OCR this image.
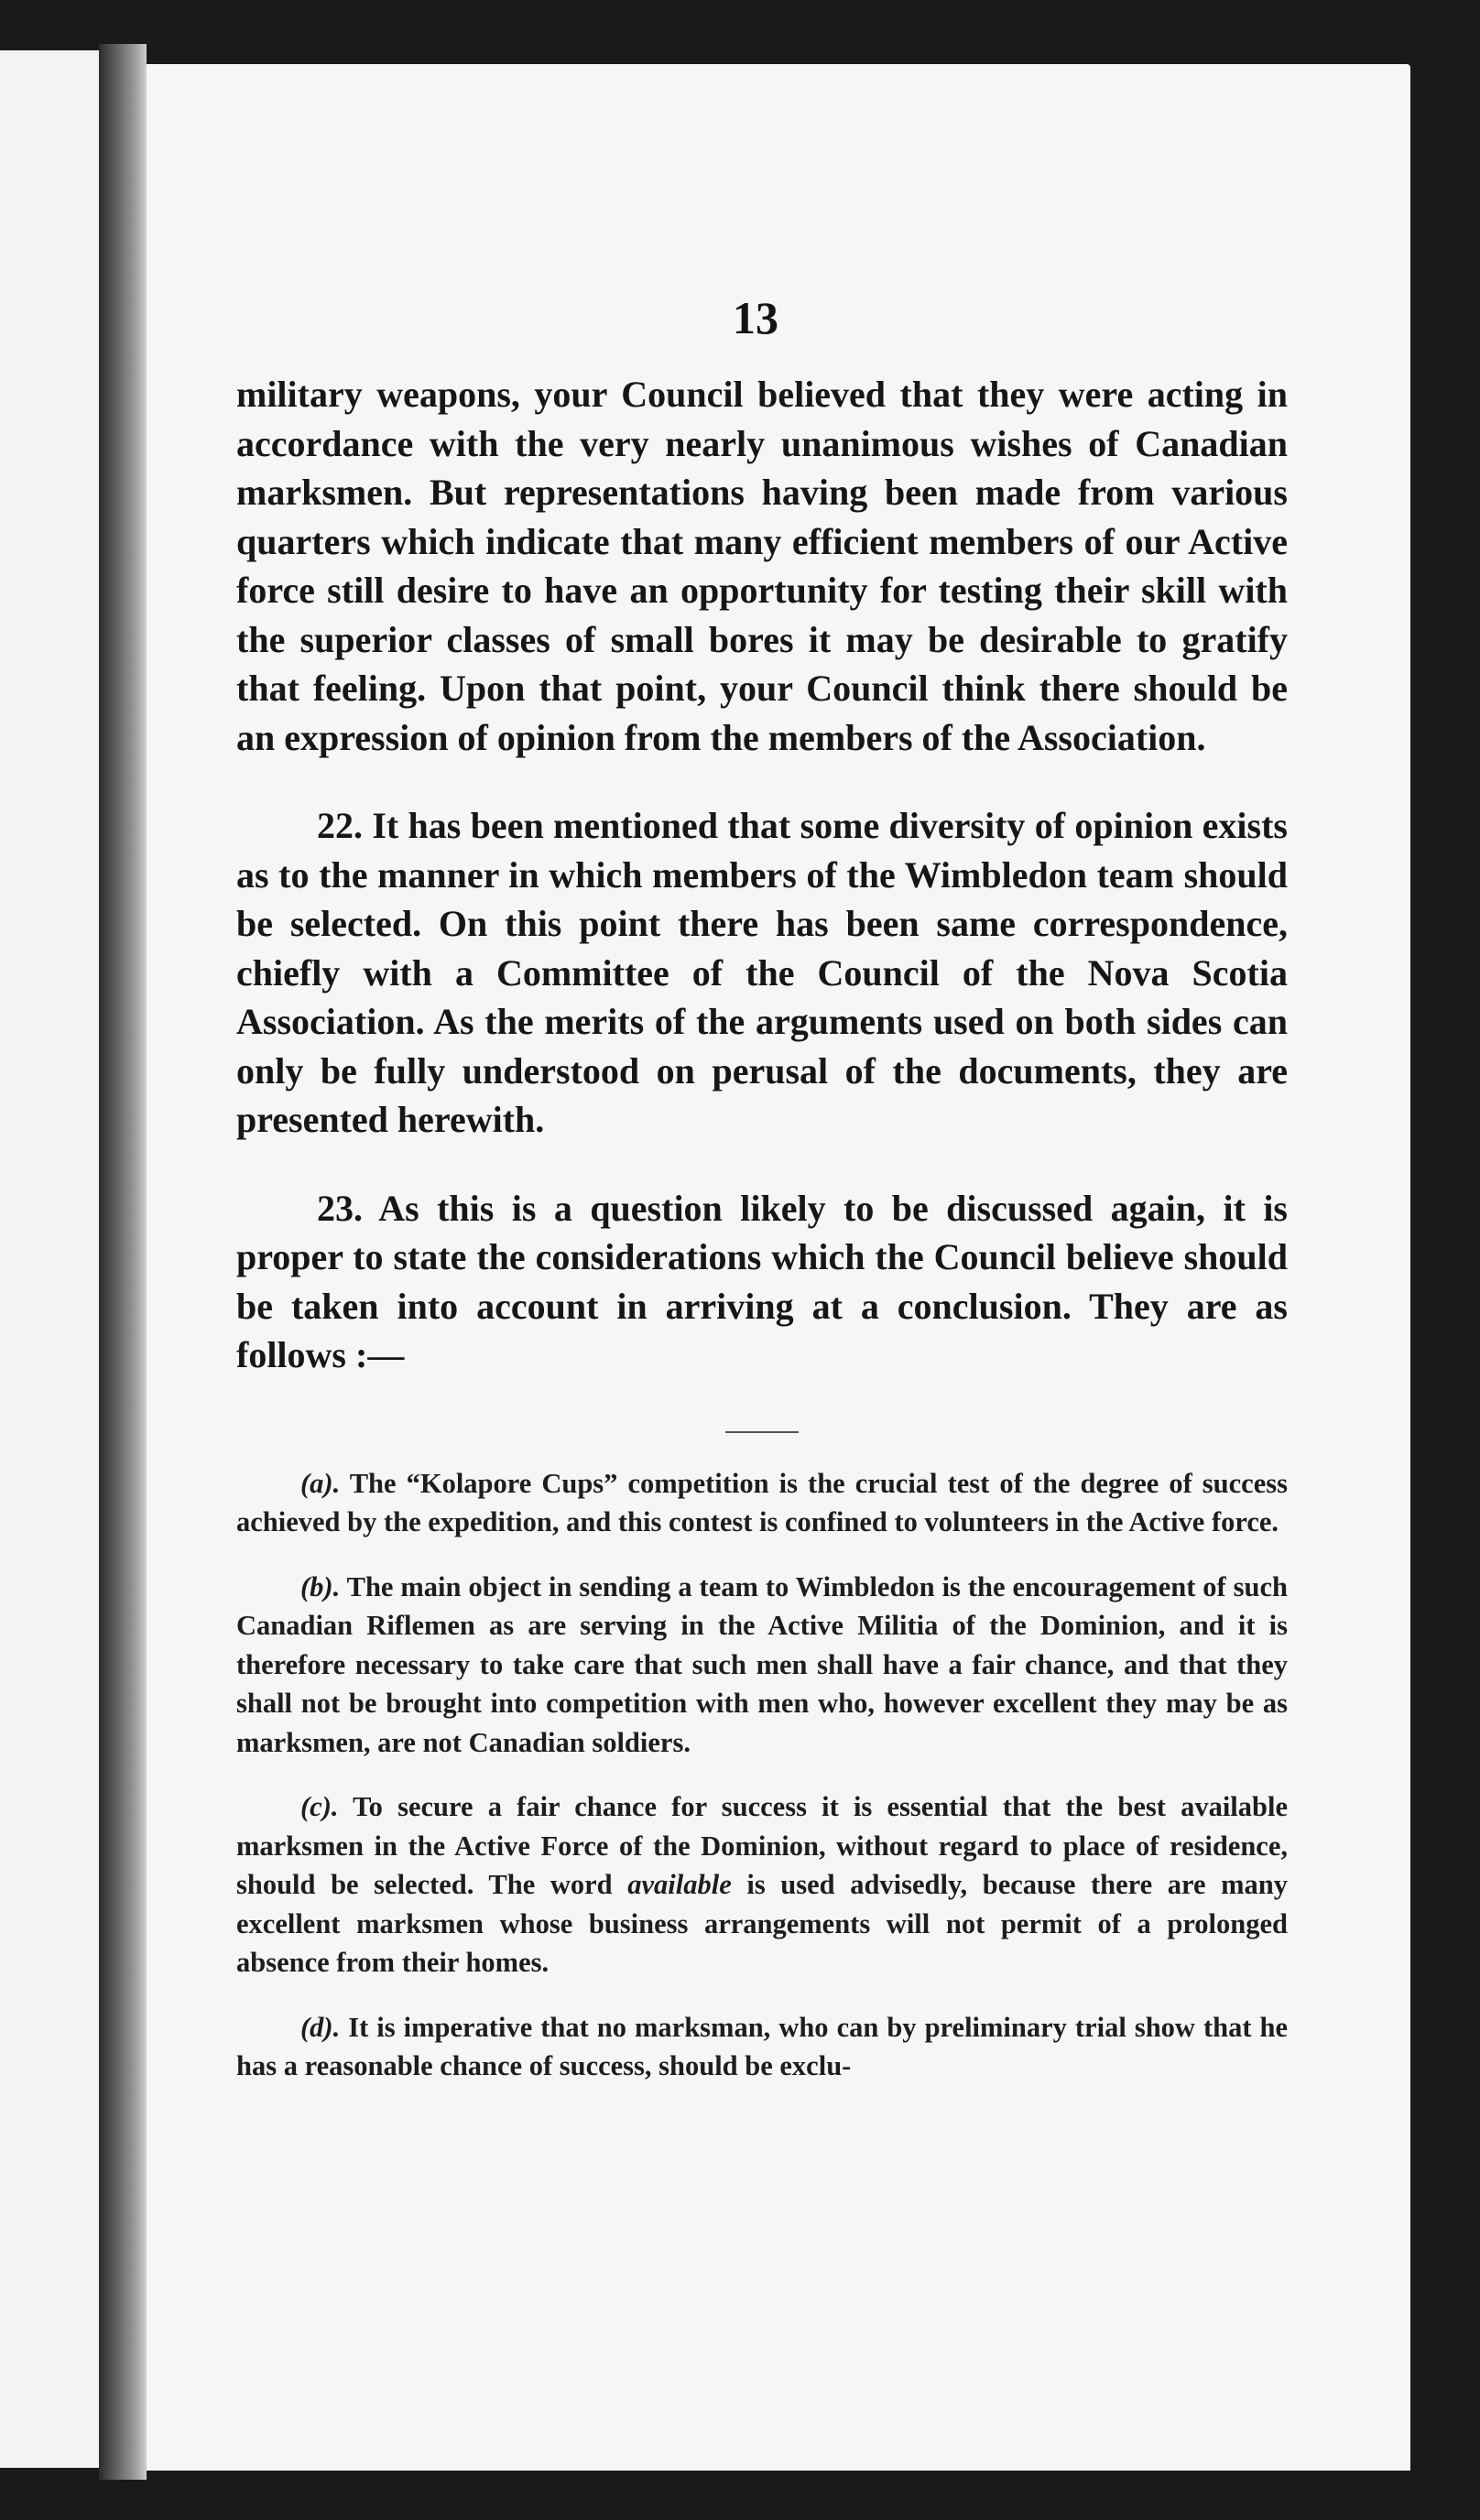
13

military weapons, your Council believed that they were acting in accordance with the very nearly unanimous wishes of Canadian marksmen. But representations having been made from various quarters which indicate that many efficient members of our Active force still desire to have an opportunity for testing their skill with the superior classes of small bores it may be desirable to gratify that feeling. Upon that point, your Council think there should be an expression of opinion from the members of the Association.

22. It has been mentioned that some diversity of opinion exists as to the manner in which members of the Wimbledon team should be selected. On this point there has been same correspondence, chiefly with a Committee of the Council of the Nova Scotia Association. As the merits of the arguments used on both sides can only be fully understood on perusal of the documents, they are presented herewith.

23. As this is a question likely to be discussed again, it is proper to state the considerations which the Council believe should be taken into account in arriving at a conclusion. They are as follows :—

(a). The “Kolapore Cups” competition is the crucial test of the degree of success achieved by the expedition, and this contest is confined to volunteers in the Active force.

(b). The main object in sending a team to Wimbledon is the encouragement of such Canadian Riflemen as are serving in the Active Militia of the Dominion, and it is therefore necessary to take care that such men shall have a fair chance, and that they shall not be brought into competition with men who, however excellent they may be as marksmen, are not Canadian soldiers.

(c). To secure a fair chance for success it is essential that the best available marksmen in the Active Force of the Dominion, without regard to place of residence, should be selected. The word available is used advisedly, because there are many excellent marksmen whose business arrangements will not permit of a prolonged absence from their homes.

(d). It is imperative that no marksman, who can by preliminary trial show that he has a reasonable chance of success, should be exclu-
